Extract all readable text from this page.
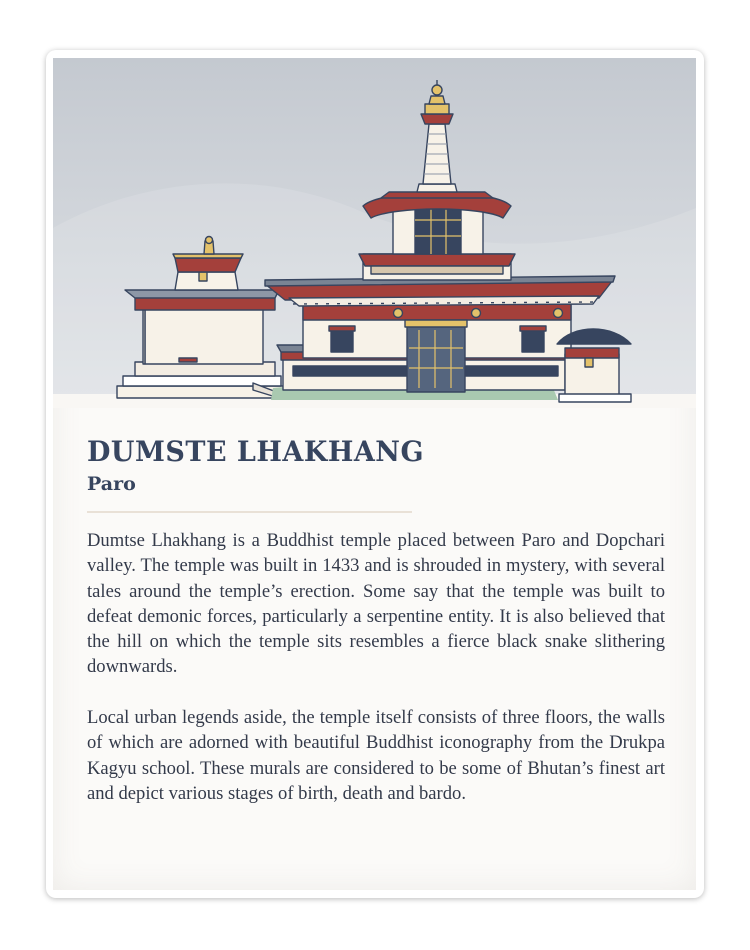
DUMSTE LHAKHANG
Paro

Dumtse Lhakhang is a Buddhist temple placed between Paro and Dopchari valley. The temple was built in 1433 and is shrouded in mystery, with several tales around the temple’s erection. Some say that the temple was built to defeat demonic forces, particularly a serpentine entity. It is also believed that the hill on which the temple sits resembles a fierce black snake slithering downwards.

Local urban legends aside, the temple itself consists of three floors, the walls of which are adorned with beautiful Buddhist iconography from the Drukpa Kagyu school. These murals are considered to be some of Bhutan’s finest art and depict various stages of birth, death and bardo.
